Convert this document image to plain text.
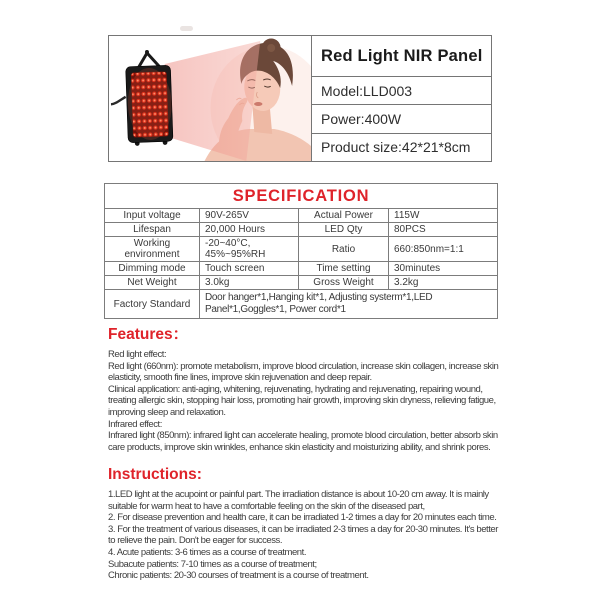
Red Light NIR Panel
Model:LLD003
Power:400W
Product size:42*21*8cm
SPECIFICATION			
Input voltage	90V-265V	Actual Power	115W
Lifespan	20,000 Hours	LED Qty	80PCS
Working environment	-20~40°C, 45%~95%RH	Ratio	660:850nm=1:1
Dimming mode	Touch screen	Time setting	30minutes
Net Weight	3.0kg	Gross Weight	3.2kg
Factory Standard	Door hanger*1,Hanging kit*1, Adjusting systerm*1,LED Panel*1,Goggles*1, Power cord*1		
Features：

Red light effect:

Red light (660nm): promote metabolism, improve blood circulation, increase skin collagen, increase skin elasticity, smooth fine lines, improve skin rejuvenation and deep repair.

Clinical application: anti-aging, whitening, rejuvenating, hydrating and rejuvenating, repairing wound, treating allergic skin, stopping hair loss, promoting hair growth, improving skin dryness, relieving fatigue, improving sleep and relaxation.

Infrared effect:

Infrared light (850nm): infrared light can accelerate healing, promote blood circulation, better absorb skin care products, improve skin wrinkles, enhance skin elasticity and moisturizing ability, and shrink pores.

Instructions:

1.LED light at the acupoint or painful part. The irradiation distance is about 10-20 cm away. It is mainly suitable for warm heat to have a comfortable feeling on the skin of the diseased part,

2. For disease prevention and health care, it can be irradiated 1-2 times a day for 20 minutes each time.

3. For the treatment of various diseases, it can be irradiated 2-3 times a day for 20-30 minutes. It's better to relieve the pain. Don't be eager for success.

4. Acute patients: 3-6 times as a course of treatment.

Subacute patients: 7-10 times as a course of treatment;

Chronic patients: 20-30 courses of treatment is a course of treatment.
